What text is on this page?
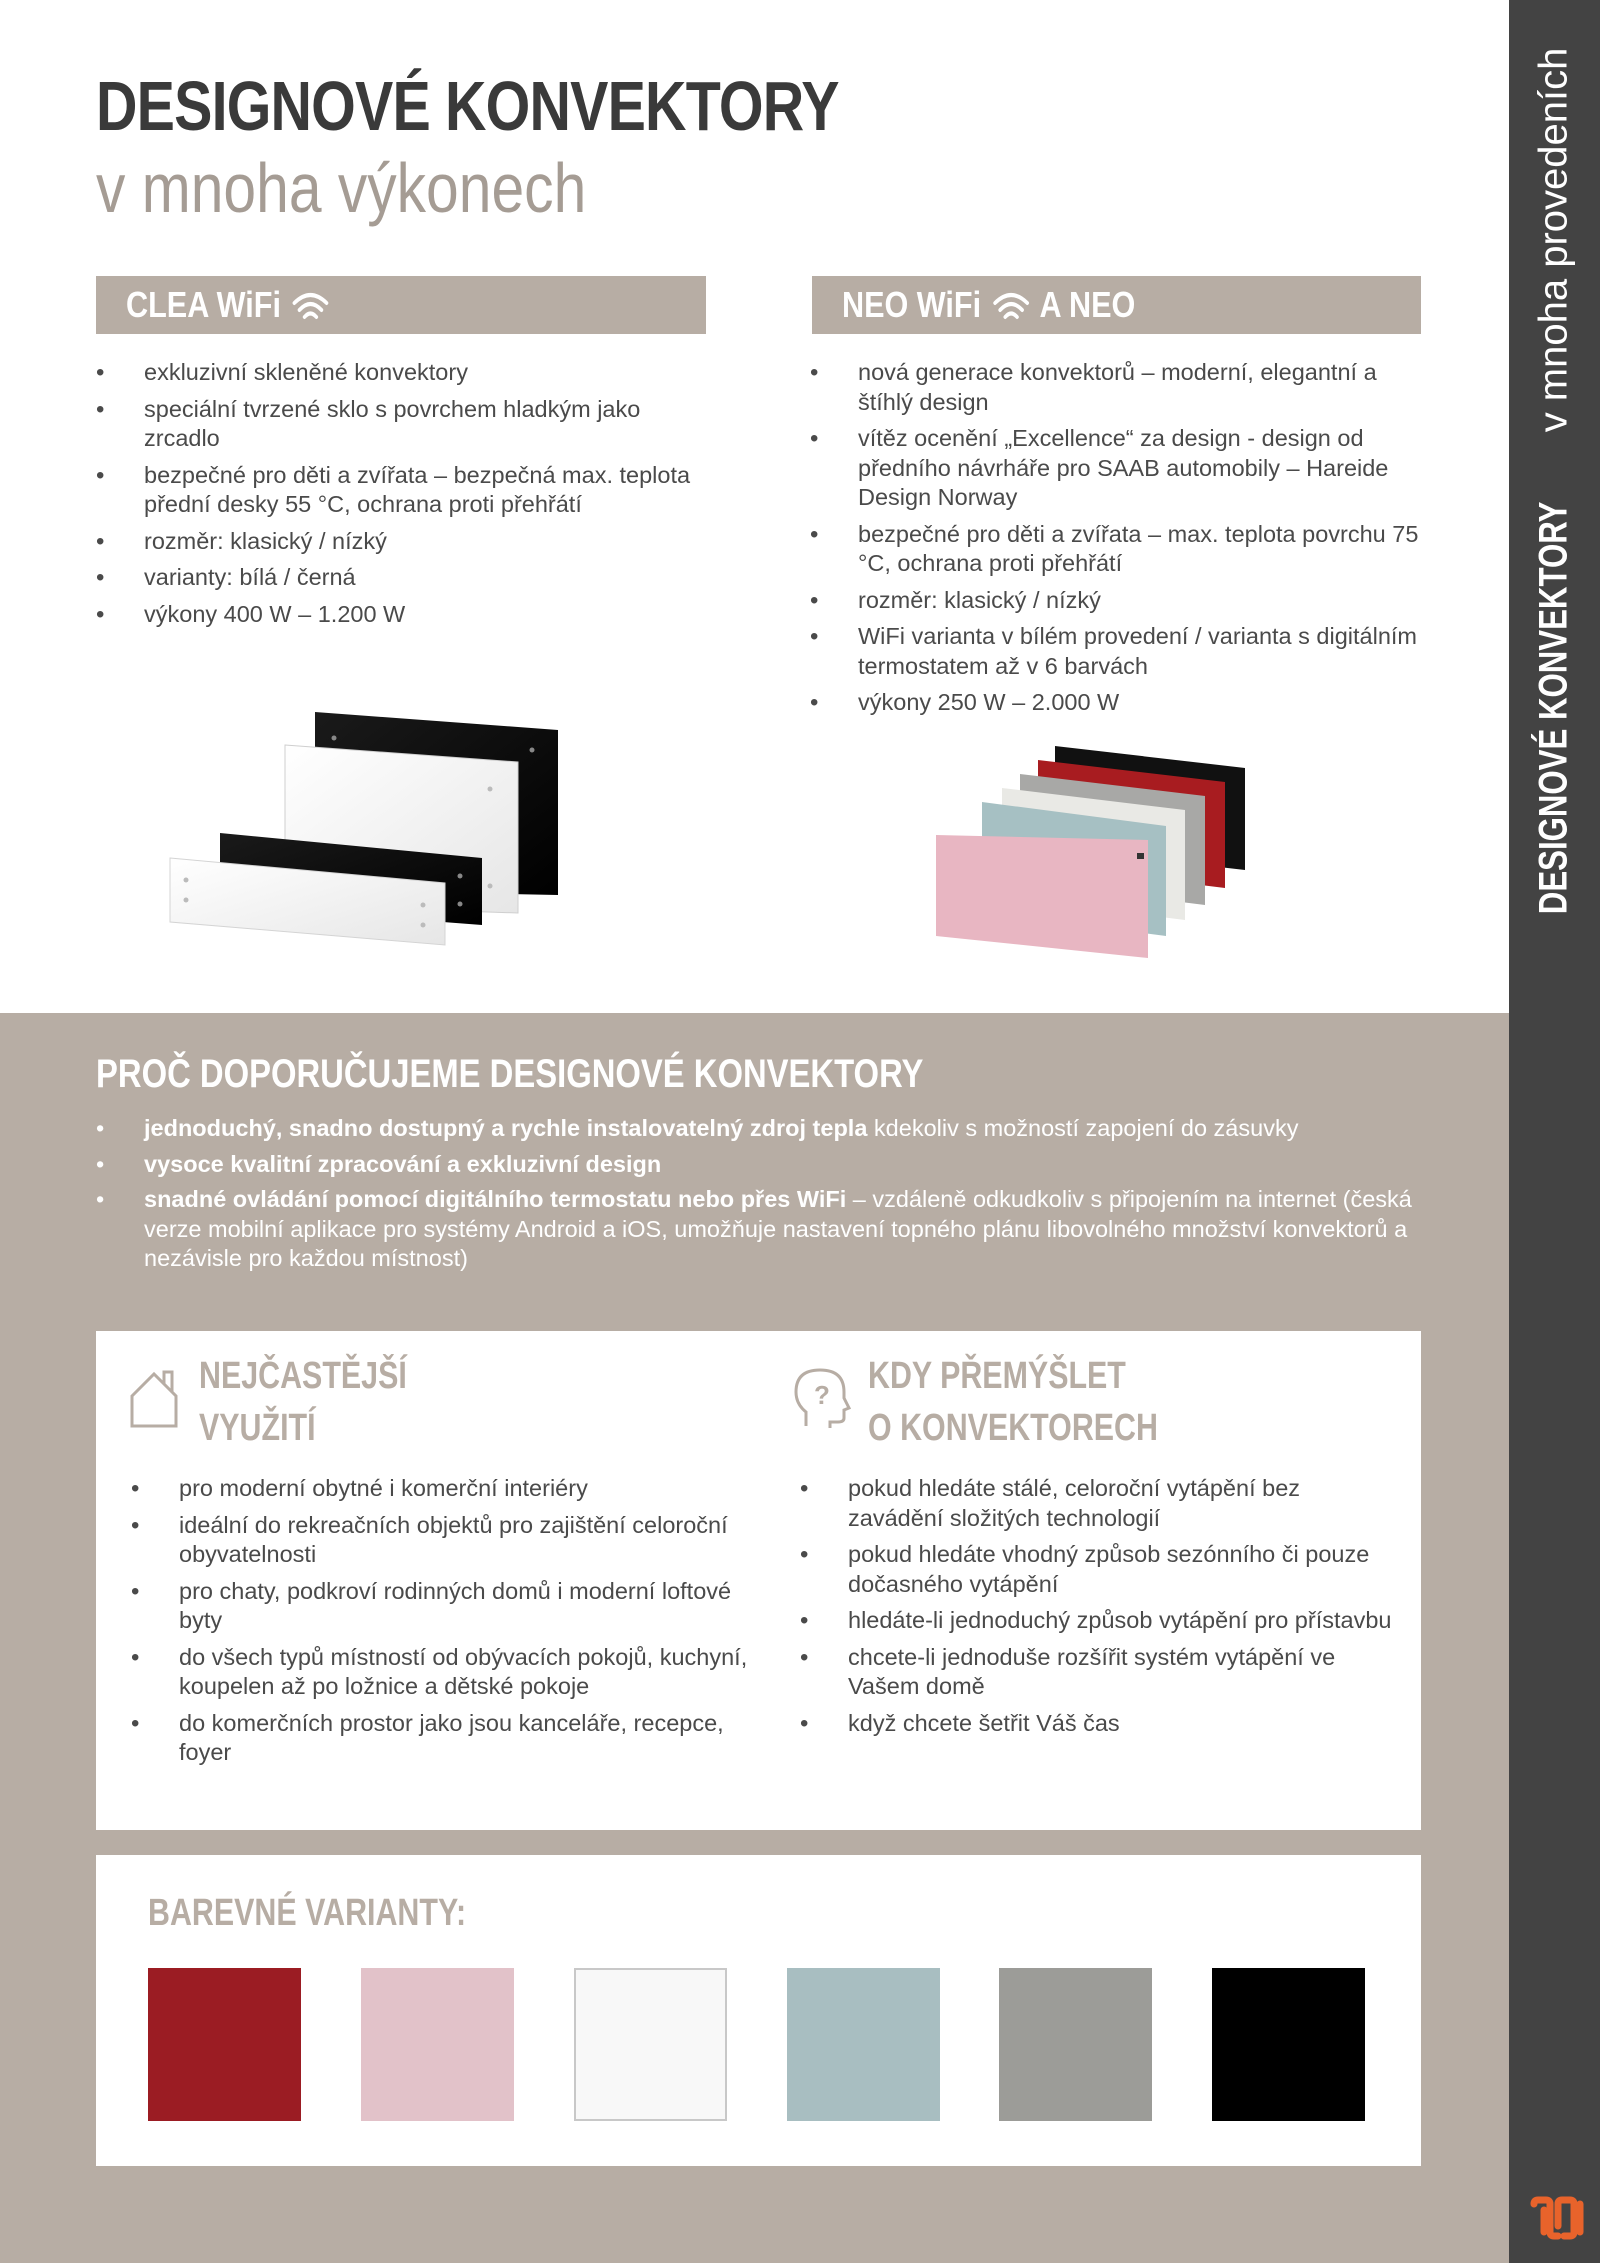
DESIGNOVÉ KONVEKTORY v mnoha provedeních
DESIGNOVÉ KONVEKTORY
v mnoha výkonech
CLEA WiFi
• exkluzivní skleněné konvektory
• speciální tvrzené sklo s povrchem hladkým jako zrcadlo
• bezpečné pro děti a zvířata – bezpečná max. teplota přední desky 55 °C, ochrana proti přehřátí
• rozměr: klasický / nízký
• varianty: bílá / černá
• výkony 400 W – 1.200 W
NEO WiFi A NEO
• nová generace konvektorů – moderní, elegantní a štíhlý design
• vítěz ocenění „Excellence“ za design - design od předního návrháře pro SAAB automobily – Hareide Design Norway
• bezpečné pro děti a zvířata – max. teplota povrchu 75 °C, ochrana proti přehřátí
• rozměr: klasický / nízký
• WiFi varianta v bílém provedení / varianta s digitálním termostatem až v 6 barvách
• výkony 250 W – 2.000 W
PROČ DOPORUČUJEME DESIGNOVÉ KONVEKTORY
• jednoduchý, snadno dostupný a rychle instalovatelný zdroj tepla kdekoliv s možností zapojení do zásuvky
• vysoce kvalitní zpracování a exkluzivní design
• snadné ovládání pomocí digitálního termostatu nebo přes WiFi – vzdáleně odkudkoliv s připojením na internet (česká verze mobilní aplikace pro systémy Android a iOS, umožňuje nastavení topného plánu libovolného množství konvektorů a nezávisle pro každou místnost)
NEJČASTĚJŠÍ
VYUŽITÍ
• pro moderní obytné i komerční interiéry
• ideální do rekreačních objektů pro zajištění celoroční obyvatelnosti
• pro chaty, podkroví rodinných domů i moderní loftové byty
• do všech typů místností od obývacích pokojů, kuchyní, koupelen až po ložnice a dětské pokoje
• do komerčních prostor jako jsou kanceláře, recepce, foyer
? KDY PŘEMÝŠLET
O KONVEKTORECH
• pokud hledáte stálé, celoroční vytápění bez zavádění složitých technologií
• pokud hledáte vhodný způsob sezónního či pouze dočasného vytápění
• hledáte-li jednoduchý způsob vytápění pro přístavbu
• chcete-li jednoduše rozšířit systém vytápění ve Vašem domě
• když chcete šetřit Váš čas
BAREVNÉ VARIANTY:
